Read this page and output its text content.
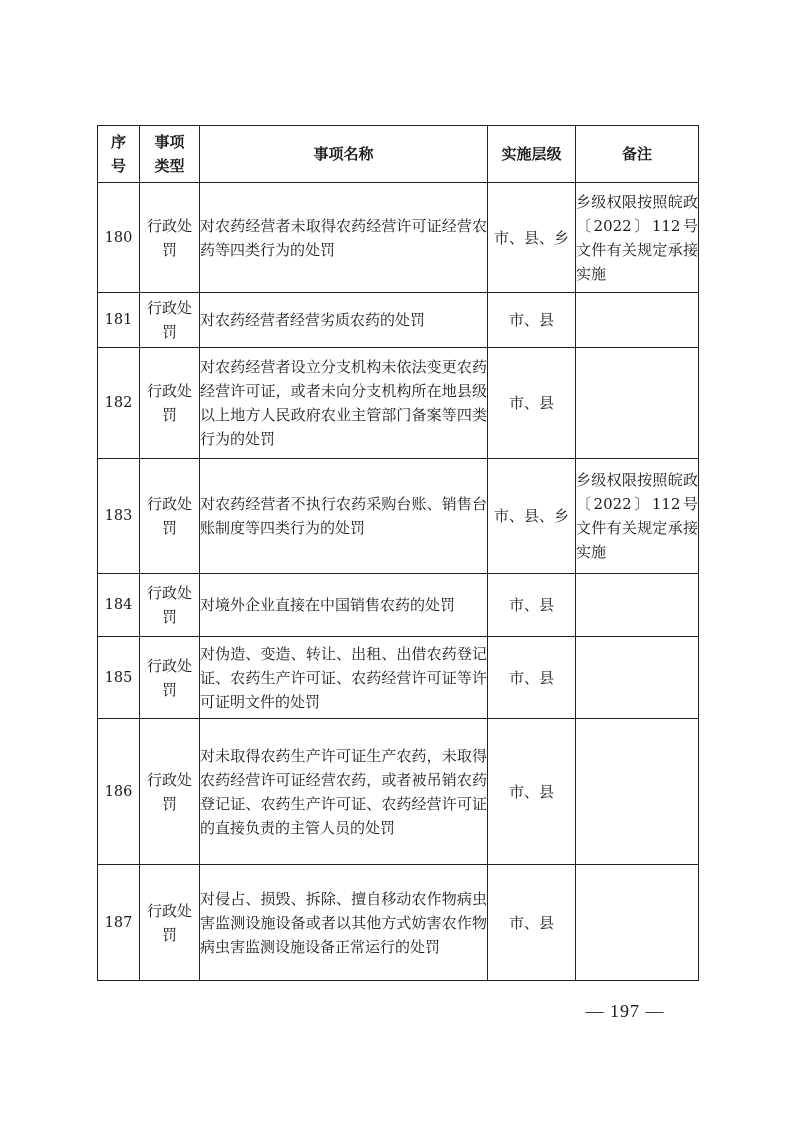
序号	事项类型	事项名称	实施层级	备注
180	行政处罚	对农药经营者未取得农药经营许可证经营农药等四类行为的处罚	市、县、乡	乡级权限按照皖政〔2022〕112号文件有关规定承接实施
181	行政处罚	对农药经营者经营劣质农药的处罚	市、县	
182	行政处罚	对农药经营者设立分支机构未依法变更农药经营许可证，或者未向分支机构所在地县级以上地方人民政府农业主管部门备案等四类行为的处罚	市、县	
183	行政处罚	对农药经营者不执行农药采购台账、销售台账制度等四类行为的处罚	市、县、乡	乡级权限按照皖政〔2022〕112号文件有关规定承接实施
184	行政处罚	对境外企业直接在中国销售农药的处罚	市、县	
185	行政处罚	对伪造、变造、转让、出租、出借农药登记证、农药生产许可证、农药经营许可证等许可证明文件的处罚	市、县	
186	行政处罚	对未取得农药生产许可证生产农药，未取得农药经营许可证经营农药，或者被吊销农药登记证、农药生产许可证、农药经营许可证的直接负责的主管人员的处罚	市、县	
187	行政处罚	对侵占、损毁、拆除、擅自移动农作物病虫害监测设施设备或者以其他方式妨害农作物病虫害监测设施设备正常运行的处罚	市、县	
— 197 —
